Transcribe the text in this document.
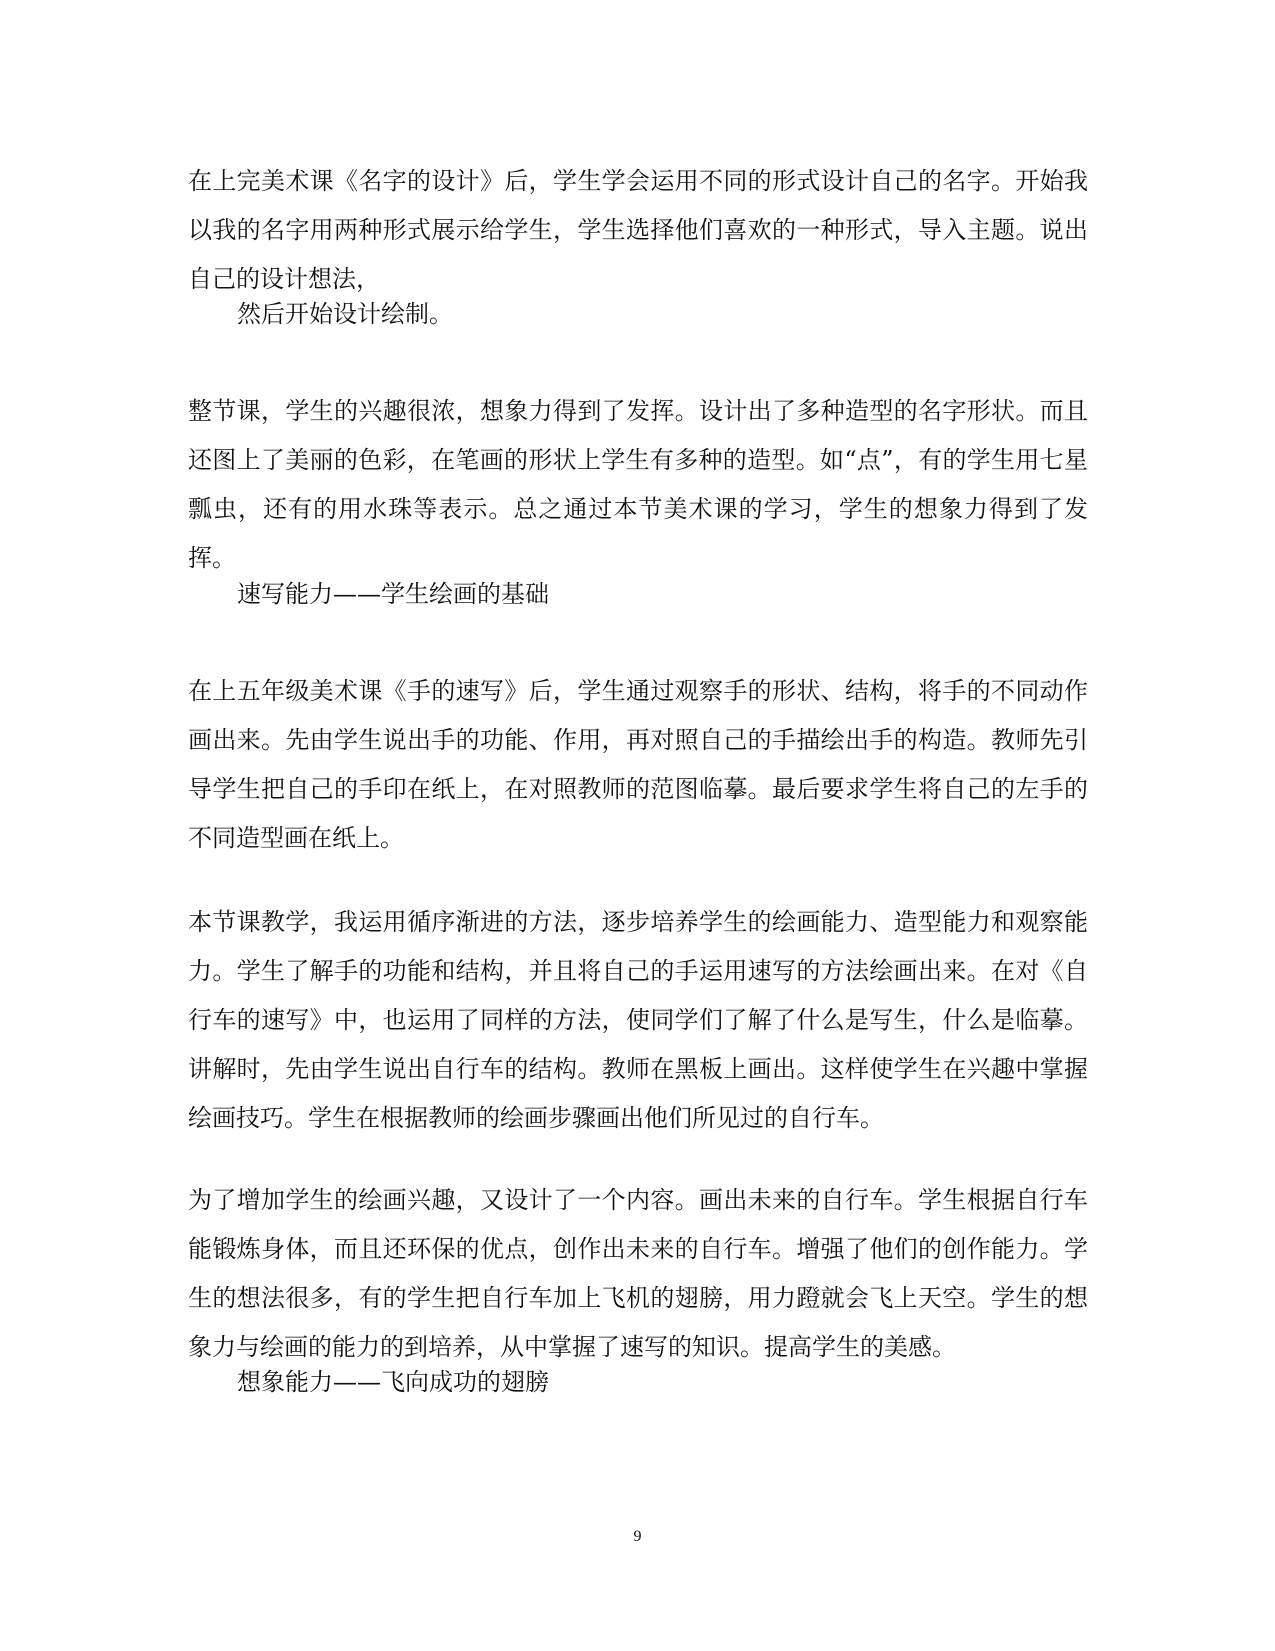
在上完美术课《名字的设计》后，学生学会运用不同的形式设计自己的名字。开始我以我的名字用两种形式展示给学生，学生选择他们喜欢的一种形式，导入主题。说出自己的设计想法，

然后开始设计绘制。

整节课，学生的兴趣很浓，想象力得到了发挥。设计出了多种造型的名字形状。而且还图上了美丽的色彩，在笔画的形状上学生有多种的造型。如“点”，有的学生用七星瓢虫，还有的用水珠等表示。总之通过本节美术课的学习，学生的想象力得到了发挥。

速写能力——学生绘画的基础

在上五年级美术课《手的速写》后，学生通过观察手的形状、结构，将手的不同动作画出来。先由学生说出手的功能、作用，再对照自己的手描绘出手的构造。教师先引导学生把自己的手印在纸上，在对照教师的范图临摹。最后要求学生将自己的左手的不同造型画在纸上。

本节课教学，我运用循序渐进的方法，逐步培养学生的绘画能力、造型能力和观察能力。学生了解手的功能和结构，并且将自己的手运用速写的方法绘画出来。在对《自行车的速写》中，也运用了同样的方法，使同学们了解了什么是写生，什么是临摹。讲解时，先由学生说出自行车的结构。教师在黑板上画出。这样使学生在兴趣中掌握绘画技巧。学生在根据教师的绘画步骤画出他们所见过的自行车。

为了增加学生的绘画兴趣，又设计了一个内容。画出未来的自行车。学生根据自行车能锻炼身体，而且还环保的优点，创作出未来的自行车。增强了他们的创作能力。学生的想法很多，有的学生把自行车加上飞机的翅膀，用力蹬就会飞上天空。学生的想象力与绘画的能力的到培养，从中掌握了速写的知识。提高学生的美感。

想象能力——飞向成功的翅膀

9
